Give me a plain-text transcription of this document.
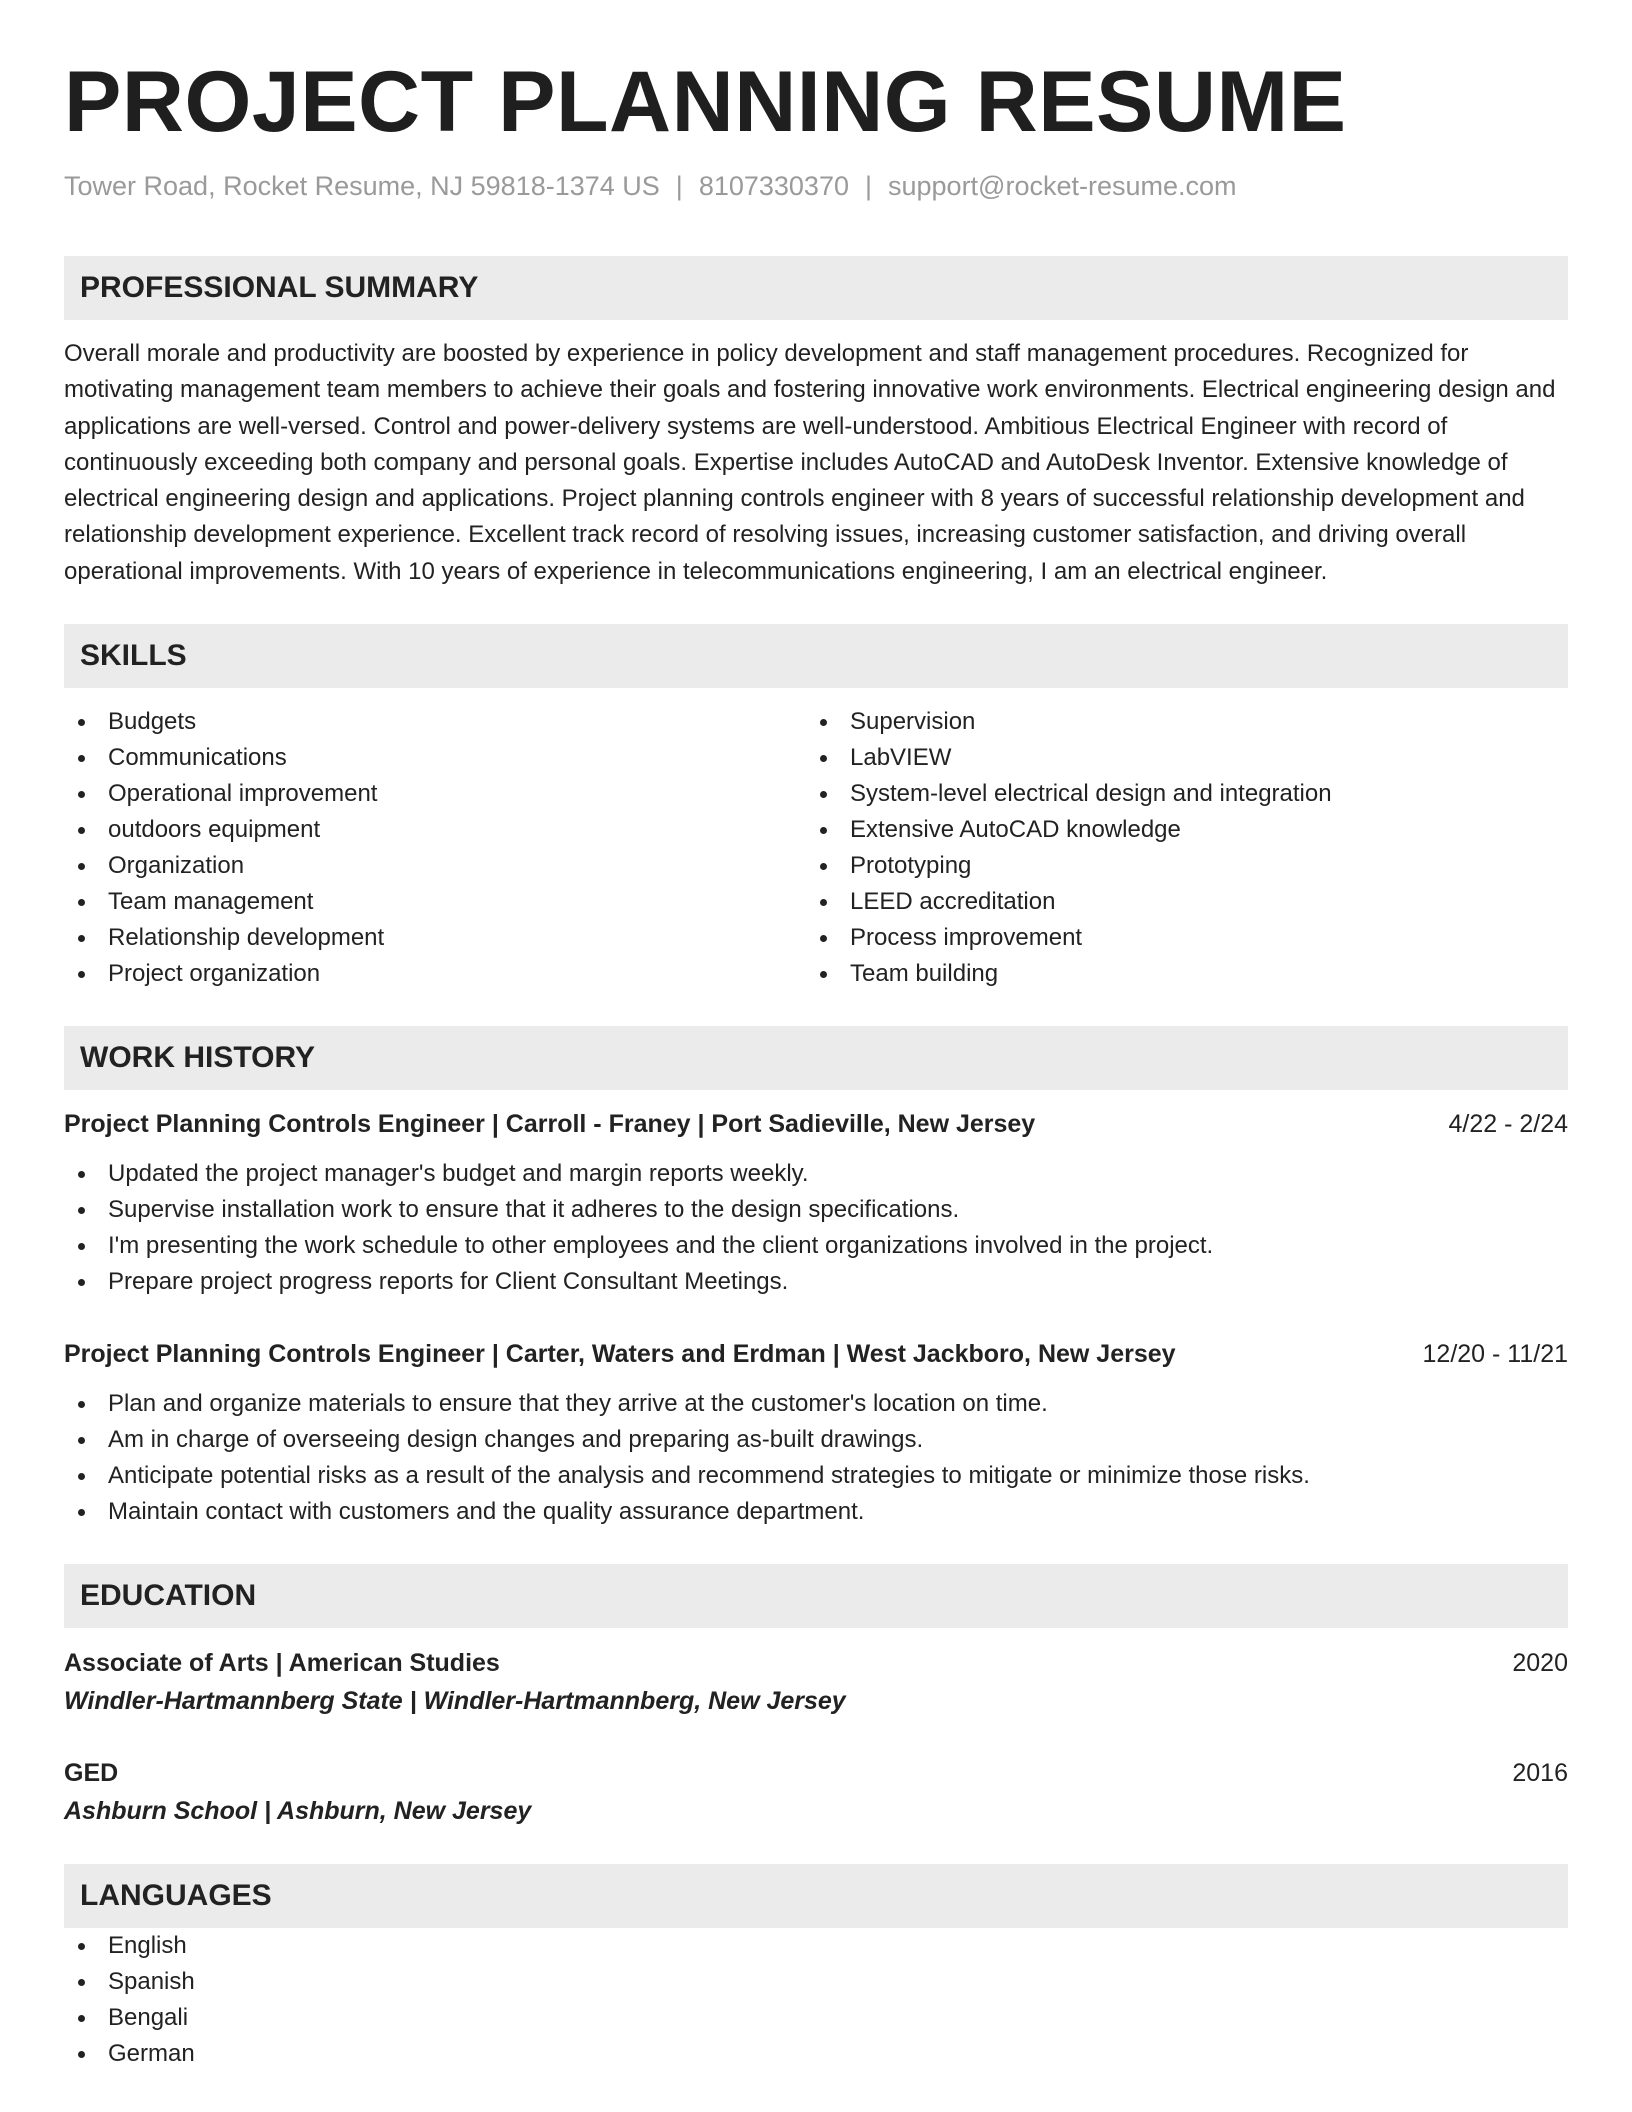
PROJECT PLANNING RESUME
Tower Road, Rocket Resume, NJ 59818-1374 US | 8107330370 | support@rocket-resume.com
PROFESSIONAL SUMMARY
Overall morale and productivity are boosted by experience in policy development and staff management procedures. Recognized for motivating management team members to achieve their goals and fostering innovative work environments. Electrical engineering design and applications are well-versed. Control and power-delivery systems are well-understood. Ambitious Electrical Engineer with record of continuously exceeding both company and personal goals. Expertise includes AutoCAD and AutoDesk Inventor. Extensive knowledge of electrical engineering design and applications. Project planning controls engineer with 8 years of successful relationship development and relationship development experience. Excellent track record of resolving issues, increasing customer satisfaction, and driving overall operational improvements. With 10 years of experience in telecommunications engineering, I am an electrical engineer.
SKILLS
Budgets
Communications
Operational improvement
outdoors equipment
Organization
Team management
Relationship development
Project organization
Supervision
LabVIEW
System-level electrical design and integration
Extensive AutoCAD knowledge
Prototyping
LEED accreditation
Process improvement
Team building
WORK HISTORY
Project Planning Controls Engineer | Carroll - Franey | Port Sadieville, New Jersey	4/22 - 2/24
Updated the project manager's budget and margin reports weekly.
Supervise installation work to ensure that it adheres to the design specifications.
I'm presenting the work schedule to other employees and the client organizations involved in the project.
Prepare project progress reports for Client Consultant Meetings.
Project Planning Controls Engineer | Carter, Waters and Erdman | West Jackboro, New Jersey	12/20 - 11/21
Plan and organize materials to ensure that they arrive at the customer's location on time.
Am in charge of overseeing design changes and preparing as-built drawings.
Anticipate potential risks as a result of the analysis and recommend strategies to mitigate or minimize those risks.
Maintain contact with customers and the quality assurance department.
EDUCATION
Associate of Arts | American Studies	2020
Windler-Hartmannberg State | Windler-Hartmannberg, New Jersey
GED	2016
Ashburn School | Ashburn, New Jersey
LANGUAGES
English
Spanish
Bengali
German
